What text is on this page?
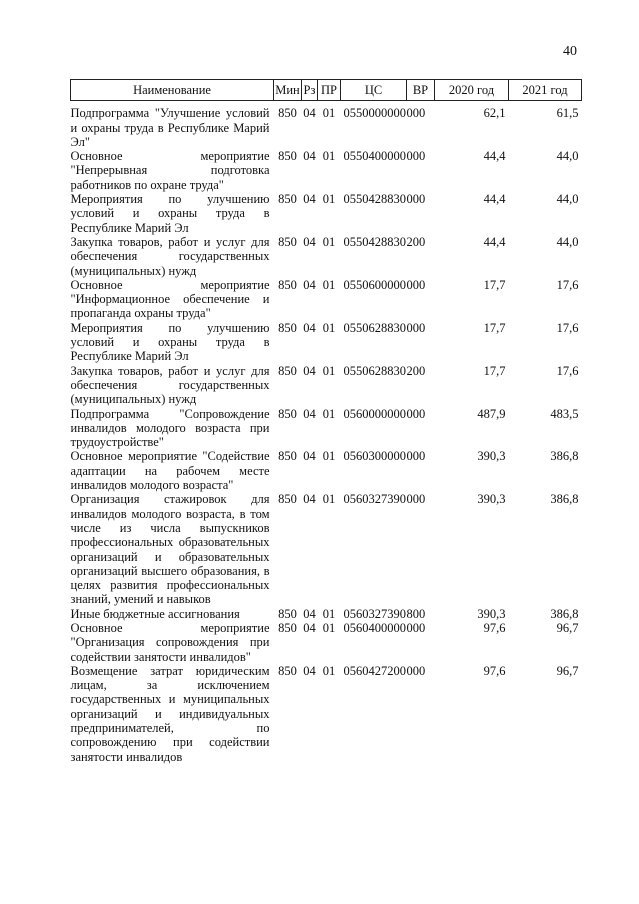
40
Наименование	Мин	Рз	ПР	ЦС	ВР	2020 год	2021 год
Подпрограмма "Улучшение условий и охраны труда в Республике Марий Эл"	850	04	01	0550000000	000	62,1	61,5
Основное мероприятие "Непрерывная подготовка работников по охране труда"	850	04	01	0550400000	000	44,4	44,0
Мероприятия по улучшению условий и охраны труда в Республике Марий Эл	850	04	01	0550428830	000	44,4	44,0
Закупка товаров, работ и услуг для обеспечения государственных (муниципальных) нужд	850	04	01	0550428830	200	44,4	44,0
Основное мероприятие "Информационное обеспечение и пропаганда охраны труда"	850	04	01	0550600000	000	17,7	17,6
Мероприятия по улучшению условий и охраны труда в Республике Марий Эл	850	04	01	0550628830	000	17,7	17,6
Закупка товаров, работ и услуг для обеспечения государственных (муниципальных) нужд	850	04	01	0550628830	200	17,7	17,6
Подпрограмма "Сопровождение инвалидов молодого возраста при трудоустройстве"	850	04	01	0560000000	000	487,9	483,5
Основное мероприятие "Содействие адаптации на рабочем месте инвалидов молодого возраста"	850	04	01	0560300000	000	390,3	386,8
Организация стажировок для инвалидов молодого возраста, в том числе из числа выпускников профессиональных образовательных организаций и образовательных организаций высшего образования, в целях развития профессиональных знаний, умений и навыков	850	04	01	0560327390	000	390,3	386,8
Иные бюджетные ассигнования	850	04	01	0560327390	800	390,3	386,8
Основное мероприятие "Организация сопровождения при содействии занятости инвалидов"	850	04	01	0560400000	000	97,6	96,7
Возмещение затрат юридическим лицам, за исключением государственных и муниципальных организаций и индивидуальных предпринимателей, по сопровождению при содействии занятости инвалидов	850	04	01	0560427200	000	97,6	96,7
